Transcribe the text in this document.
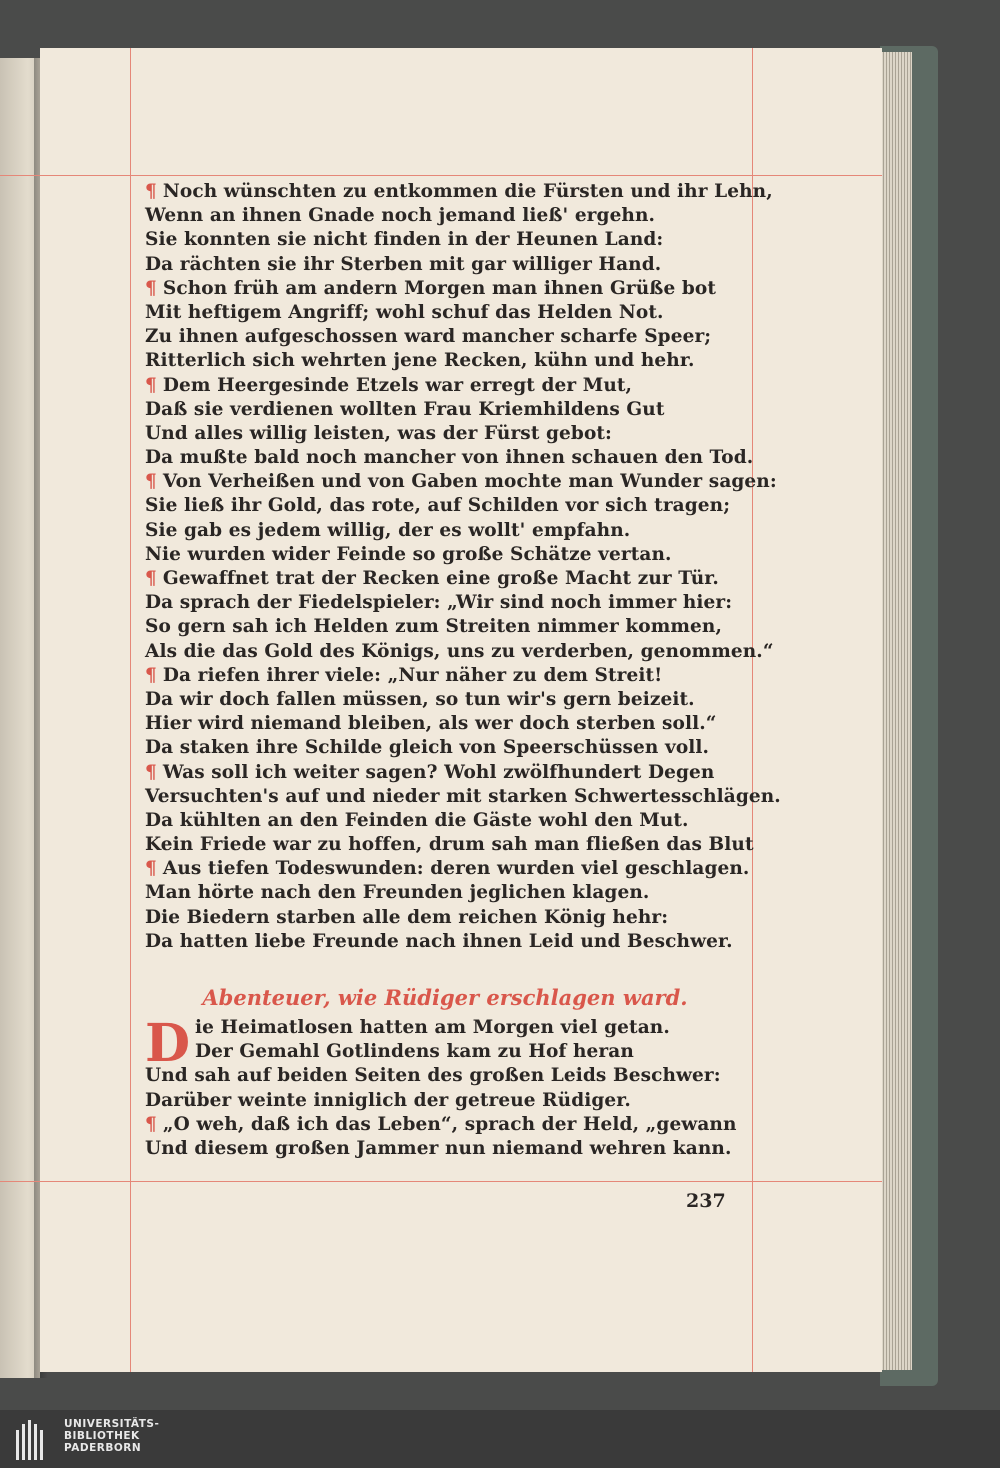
¶ Noch wünschten zu entkommen die Fürsten und ihr Lehn,
Wenn an ihnen Gnade noch jemand ließ' ergehn.
Sie konnten sie nicht finden in der Heunen Land:
Da rächten sie ihr Sterben mit gar williger Hand.
¶ Schon früh am andern Morgen man ihnen Grüße bot
Mit heftigem Angriff; wohl schuf das Helden Not.
Zu ihnen aufgeschossen ward mancher scharfe Speer;
Ritterlich sich wehrten jene Recken, kühn und hehr.
¶ Dem Heergesinde Etzels war erregt der Mut,
Daß sie verdienen wollten Frau Kriemhildens Gut
Und alles willig leisten, was der Fürst gebot:
Da mußte bald noch mancher von ihnen schauen den Tod.
¶ Von Verheißen und von Gaben mochte man Wunder sagen:
Sie ließ ihr Gold, das rote, auf Schilden vor sich tragen;
Sie gab es jedem willig, der es wollt' empfahn.
Nie wurden wider Feinde so große Schätze vertan.
¶ Gewaffnet trat der Recken eine große Macht zur Tür.
Da sprach der Fiedelspieler: „Wir sind noch immer hier:
So gern sah ich Helden zum Streiten nimmer kommen,
Als die das Gold des Königs, uns zu verderben, genommen.“
¶ Da riefen ihrer viele: „Nur näher zu dem Streit!
Da wir doch fallen müssen, so tun wir's gern beizeit.
Hier wird niemand bleiben, als wer doch sterben soll.“
Da staken ihre Schilde gleich von Speerschüssen voll.
¶ Was soll ich weiter sagen? Wohl zwölfhundert Degen
Versuchten's auf und nieder mit starken Schwertesschlägen.
Da kühlten an den Feinden die Gäste wohl den Mut.
Kein Friede war zu hoffen, drum sah man fließen das Blut
¶ Aus tiefen Todeswunden: deren wurden viel geschlagen.
Man hörte nach den Freunden jeglichen klagen.
Die Biedern starben alle dem reichen König hehr:
Da hatten liebe Freunde nach ihnen Leid und Beschwer.
Abenteuer, wie Rüdiger erschlagen ward.
D ie Heimatlosen hatten am Morgen viel getan.
Der Gemahl Gotlindens kam zu Hof heran
Und sah auf beiden Seiten des großen Leids Beschwer:
Darüber weinte inniglich der getreue Rüdiger.
¶ „O weh, daß ich das Leben“, sprach der Held, „gewann
Und diesem großen Jammer nun niemand wehren kann.
237
UNIVERSITÄTS-
BIBLIOTHEK
PADERBORN
